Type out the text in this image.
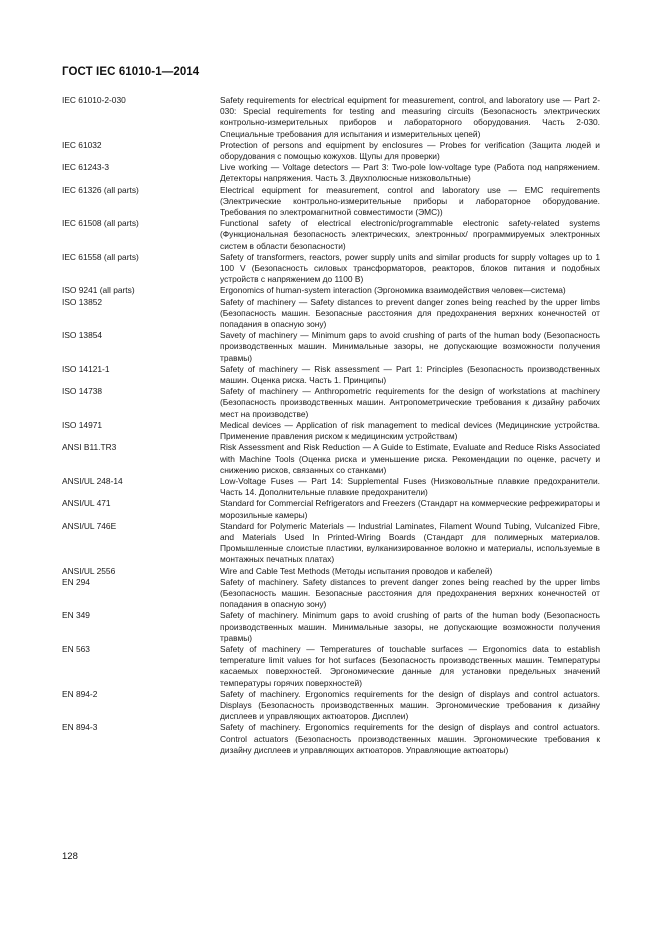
ГОСТ IEC 61010-1—2014
IEC 61010-2-030	Safety requirements for electrical equipment for measurement, control, and laboratory use — Part 2-030: Special requirements for testing and measuring circuits (Безопасность электрических контрольно-измерительных приборов и лабораторного оборудования. Часть 2-030. Специальные требования для испытания и измерительных цепей)
IEC 61032	Protection of persons and equipment by enclosures — Probes for verification (Защита людей и оборудования с помощью кожухов. Щупы для проверки)
IEC 61243-3	Live working — Voltage detectors — Part 3: Two-pole low-voltage type (Работа под напряжением. Детекторы напряжения. Часть 3. Двухполюсные низковольтные)
IEC 61326 (all parts)	Electrical equipment for measurement, control and laboratory use — EMC requirements (Электрические контрольно-измерительные приборы и лабораторное оборудование. Требования по электромагнитной совместимости (ЭМС))
IEC 61508 (all parts)	Functional safety of electrical electronic/programmable electronic safety-related systems (Функциональная безопасность электрических, электронных/ программируемых электронных систем в области безопасности)
IEC 61558 (all parts)	Safety of transformers, reactors, power supply units and similar products for supply voltages up to 1 100 V (Безопасность силовых трансформаторов, реакторов, блоков питания и подобных устройств с напряжением до 1100 В)
ISO 9241 (all parts)	Ergonomics of human-system interaction (Эргономика взаимодействия человек—система)
ISO 13852	Safety of machinery — Safety distances to prevent danger zones being reached by the upper limbs (Безопасность машин. Безопасные расстояния для предохранения верхних конечностей от попадания в опасную зону)
ISO 13854	Savety of machinery — Minimum gaps to avoid crushing of parts of the human body (Безопасность производственных машин. Минимальные зазоры, не допускающие возможности получения травмы)
ISO 14121-1	Safety of machinery — Risk assessment — Part 1: Principles (Безопасность производственных машин. Оценка риска. Часть 1. Принципы)
ISO 14738	Safety of machinery — Anthropometric requirements for the design of workstations at machinery (Безопасность производственных машин. Антропометрические требования к дизайну рабочих мест на производстве)
ISO 14971	Medical devices — Application of risk management to medical devices (Медицинские устройства. Применение правления риском к медицинским устройствам)
ANSI B11.TR3	Risk Assessment and Risk Reduction — A Guide to Estimate, Evaluate and Reduce Risks Associated with Machine Tools (Оценка риска и уменьшение риска. Рекомендации по оценке, расчету и снижению рисков, связанных со станками)
ANSI/UL 248-14	Low-Voltage Fuses — Part 14: Supplemental Fuses (Низковольтные плавкие предохранители. Часть 14. Дополнительные плавкие предохранители)
ANSI/UL 471	Standard for Commercial Refrigerators and Freezers (Стандарт на коммерческие рефрежираторы и морозильные камеры)
ANSI/UL 746E	Standard for Polymeric Materials — Industrial Laminates, Filament Wound Tubing, Vulcanized Fibre, and Materials Used In Printed-Wiring Boards (Стандарт для полимерных материалов. Промышленные слоистые пластики, вулканизированное волокно и материалы, используемые в монтажных печатных платах)
ANSI/UL 2556	Wire and Cable Test Methods (Методы испытания проводов и кабелей)
EN 294	Safety of machinery. Safety distances to prevent danger zones being reached by the upper limbs (Безопасность машин. Безопасные расстояния для предохранения верхних конечностей от попадания в опасную зону)
EN 349	Safety of machinery. Minimum gaps to avoid crushing of parts of the human body (Безопасность производственных машин. Минимальные зазоры, не допускающие возможности получения травмы)
EN 563	Safety of machinery — Temperatures of touchable surfaces — Ergonomics data to establish temperature limit values for hot surfaces (Безопасность производственных машин. Температуры касаемых поверхностей. Эргономические данные для установки предельных значений температуры горячих поверхностей)
EN 894-2	Safety of machinery. Ergonomics requirements for the design of displays and control actuators. Displays (Безопасность производственных машин. Эргономические требования к дизайну дисплеев и управляющих актюаторов. Дисплеи)
EN 894-3	Safety of machinery. Ergonomics requirements for the design of displays and control actuators. Control actuators (Безопасность производственных машин. Эргономические требования к дизайну дисплеев и управляющих актюаторов. Управляющие актюаторы)
128
